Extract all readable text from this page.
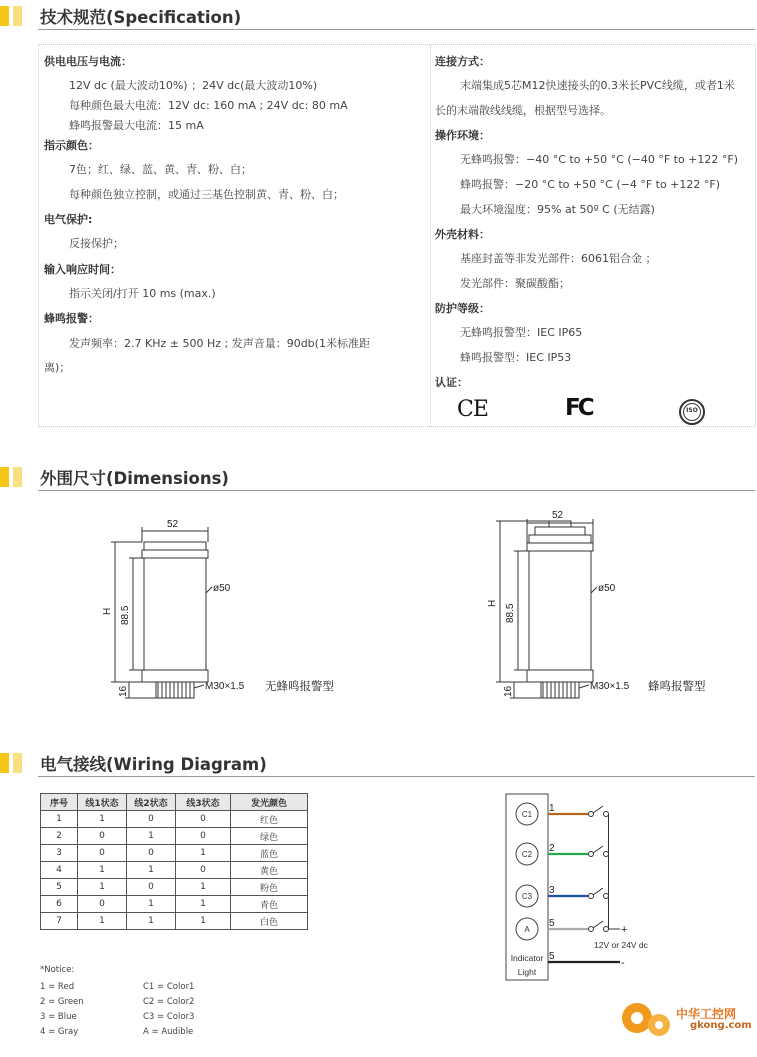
技术规范(Specification)
供电电压与电流：
12V dc (最大波动10%) ；24V dc(最大波动10%)
每种颜色最大电流：12V dc: 160 mA ; 24V dc: 80 mA
蜂鸣报警最大电流：15 mA
指示颜色：
7色；红、绿、蓝、黄、青、粉、白；
每种颜色独立控制，或通过三基色控制黄、青、粉、白；
电气保护:
反接保护；
输入响应时间：
指示关闭/打开 10 ms (max.)
蜂鸣报警：
发声频率：2.7 KHz ± 500 Hz ; 发声音量：90db(1米标准距
离)；
连接方式：
末端集成5芯M12快速接头的0.3米长PVC线缆，或者1米
长的末端散线线缆，根据型号选择。
操作环境：
无蜂鸣报警：−40 °C to +50 °C (−40 °F to +122 °F)
蜂鸣报警：−20 °C to +50 °C (−4 °F to +122 °F)
最大环境湿度：95% at 50º C (无结露)
外壳材料：
基座封盖等非发光部件：6061铝合金 ；
发光部件：聚碳酸酯；
防护等级：
无蜂鸣报警型：IEC IP65
蜂鸣报警型：IEC IP53
认证：
CE	FC	ISO
外围尺寸(Dimensions)
52
H 88.5
ø50
16	M30×1.5 无蜂鸣报警型
52
H
88.5
ø50
16	M30×1.5 蜂鸣报警型
电气接线(Wiring Diagram)
序号	线1状态	线2状态	线3状态	发光颜色
1	1	0	0	红色
2	0	1	0	绿色
3	0	0	1	蓝色
4	1	1	0	黄色
5	1	0	1	粉色
6	0	1	1	青色
7	1	1	1	白色
*Notice:
1 = Red
2 = Green
3 = Blue
4 = Gray
C1 = Color1
C2 = Color2
C3 = Color3
A = Audible
C1
1
C2
2
C3
3
A
5
5
-
+
12V or 24V dc
Indicator
Light
中华工控网
gkong.com
